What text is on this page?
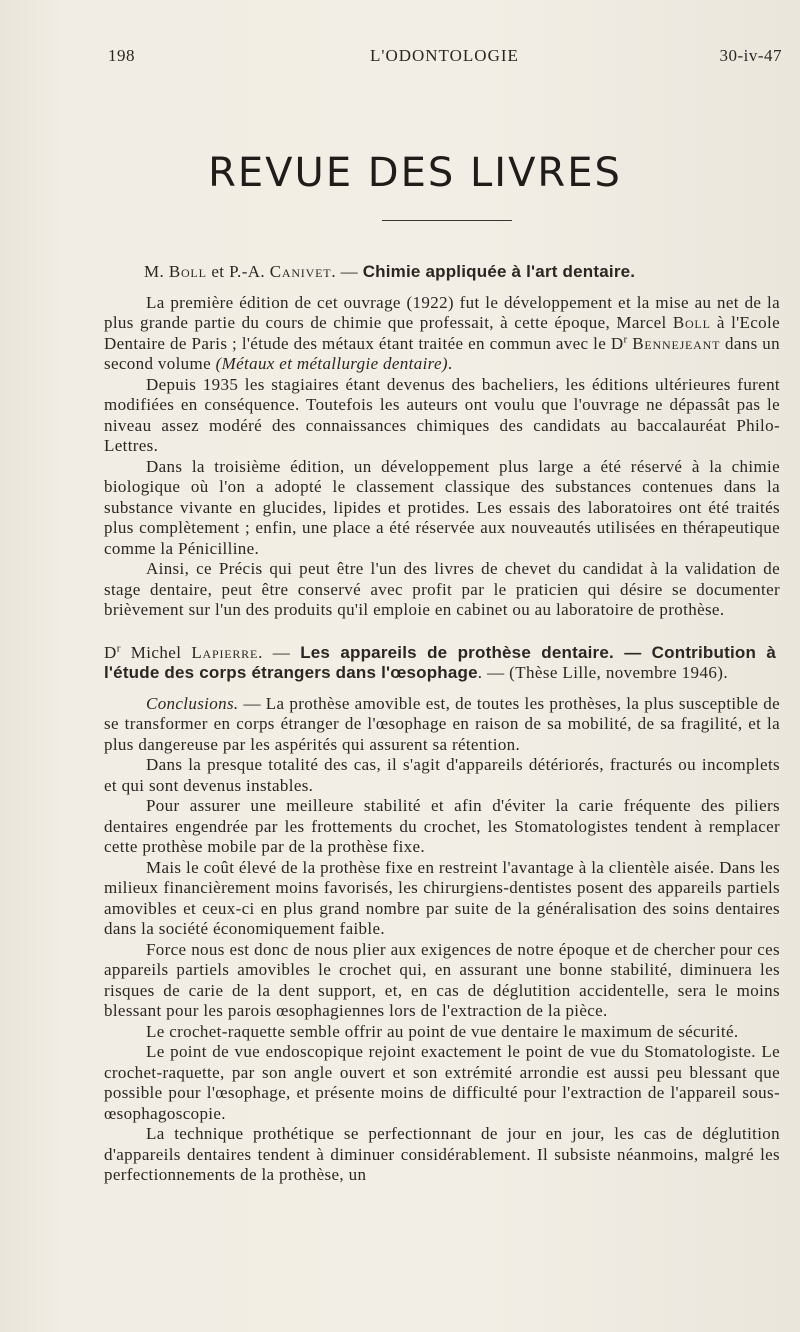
198	L'ODONTOLOGIE	30-iv-47
REVUE DES LIVRES

M. Boll et P.-A. Canivet. — Chimie appliquée à l'art dentaire.

La première édition de cet ouvrage (1922) fut le développement et la mise au net de la plus grande partie du cours de chimie que professait, à cette époque, Marcel Boll à l'Ecole Dentaire de Paris ; l'étude des métaux étant traitée en commun avec le $D^r$ Bennejeant dans un second volume (Métaux et métallurgie dentaire).

Depuis 1935 les stagiaires étant devenus des bacheliers, les éditions ultérieures furent modifiées en conséquence. Toutefois les auteurs ont voulu que l'ouvrage ne dépassât pas le niveau assez modéré des connaissances chimiques des candidats au baccalauréat Philo-Lettres.

Dans la troisième édition, un développement plus large a été réservé à la chimie biologique où l'on a adopté le classement classique des substances contenues dans la substance vivante en glucides, lipides et protides. Les essais des laboratoires ont été traités plus complètement ; enfin, une place a été réservée aux nouveautés utilisées en thérapeutique comme la Pénicilline.

Ainsi, ce Précis qui peut être l'un des livres de chevet du candidat à la validation de stage dentaire, peut être conservé avec profit par le praticien qui désire se documenter brièvement sur l'un des produits qu'il emploie en cabinet ou au laboratoire de prothèse.

$D^r$ Michel Lapierre. — Les appareils de prothèse dentaire. — Contribution à l'étude des corps étrangers dans l'œsophage. — (Thèse Lille, novembre 1946).

Conclusions. — La prothèse amovible est, de toutes les prothèses, la plus susceptible de se transformer en corps étranger de l'œsophage en raison de sa mobilité, de sa fragilité, et la plus dangereuse par les aspérités qui assurent sa rétention.

Dans la presque totalité des cas, il s'agit d'appareils détériorés, fracturés ou incomplets et qui sont devenus instables.

Pour assurer une meilleure stabilité et afin d'éviter la carie fréquente des piliers dentaires engendrée par les frottements du crochet, les Stomatologistes tendent à remplacer cette prothèse mobile par de la prothèse fixe.

Mais le coût élevé de la prothèse fixe en restreint l'avantage à la clientèle aisée. Dans les milieux financièrement moins favorisés, les chirurgiens-dentistes posent des appareils partiels amovibles et ceux-ci en plus grand nombre par suite de la généralisation des soins dentaires dans la société économiquement faible.

Force nous est donc de nous plier aux exigences de notre époque et de chercher pour ces appareils partiels amovibles le crochet qui, en assurant une bonne stabilité, diminuera les risques de carie de la dent support, et, en cas de déglutition accidentelle, sera le moins blessant pour les parois œsophagiennes lors de l'extraction de la pièce.

Le crochet-raquette semble offrir au point de vue dentaire le maximum de sécurité.

Le point de vue endoscopique rejoint exactement le point de vue du Stomatologiste. Le crochet-raquette, par son angle ouvert et son extrémité arrondie est aussi peu blessant que possible pour l'œsophage, et présente moins de difficulté pour l'extraction de l'appareil sous-œsophagoscopie.

La technique prothétique se perfectionnant de jour en jour, les cas de déglutition d'appareils dentaires tendent à diminuer considérablement. Il subsiste néanmoins, malgré les perfectionnements de la prothèse, un
